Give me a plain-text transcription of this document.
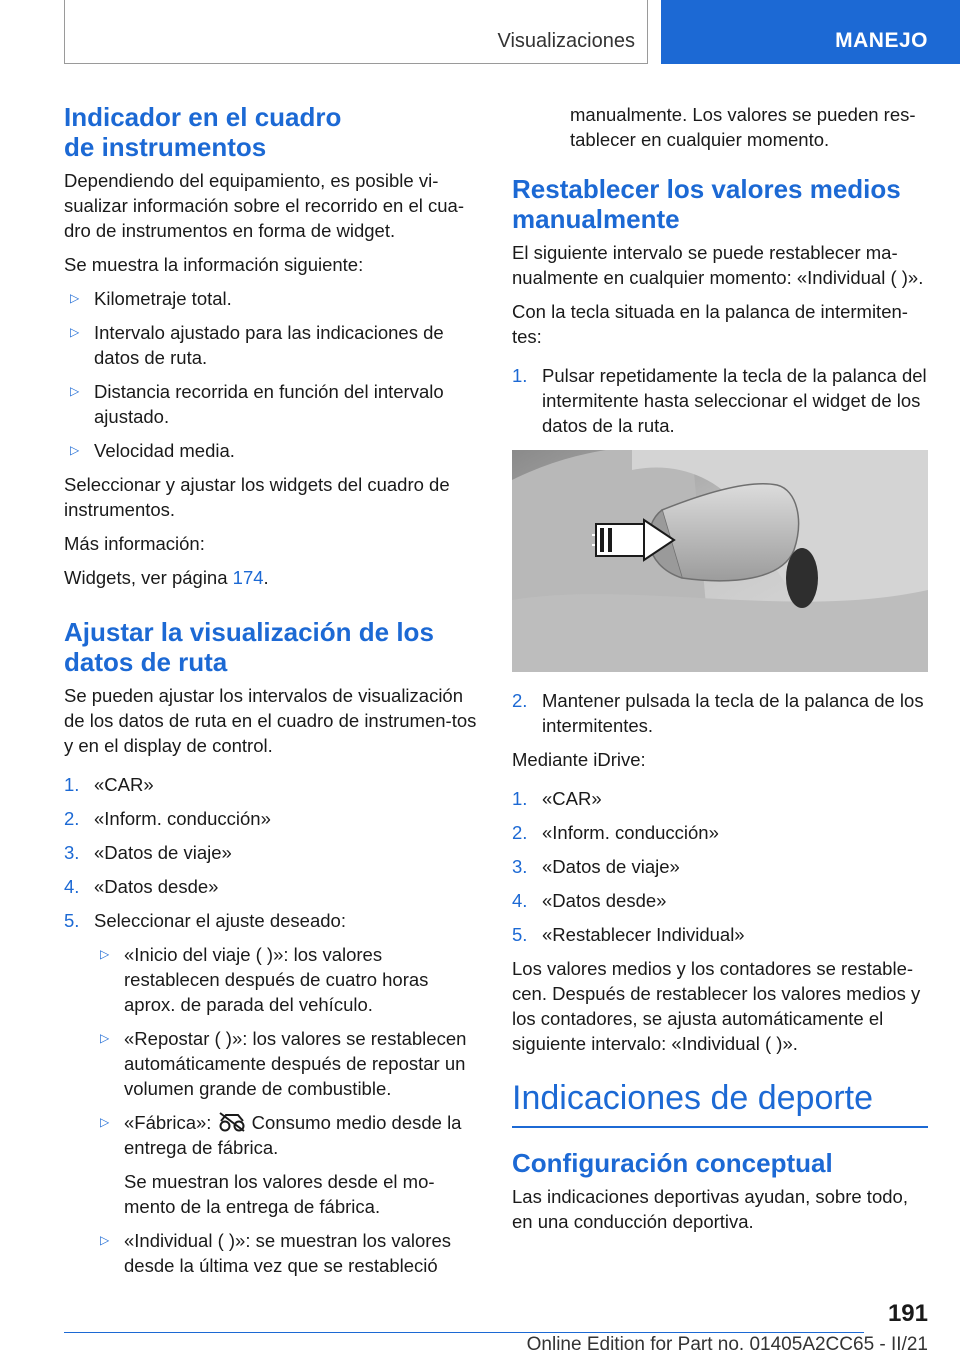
Visualizaciones	MANEJO
Indicador en el cuadro
de instrumentos

Dependiendo del equipamiento, es posible vi-sualizar información sobre el recorrido en el cua-dro de instrumentos en forma de widget.

Se muestra la información siguiente:

▷ Kilometraje total.
▷ Intervalo ajustado para las indicaciones de datos de ruta.
▷ Distancia recorrida en función del intervalo ajustado.
▷ Velocidad media.

Seleccionar y ajustar los widgets del cuadro de instrumentos.

Más información:

Widgets, ver página 174.

Ajustar la visualización de los datos de ruta

Se pueden ajustar los intervalos de visualización de los datos de ruta en el cuadro de instrumen-tos y en el display de control.

1. «CAR»
2. «Inform. conducción»
3. «Datos de viaje»
4. «Datos desde»
5. Seleccionar el ajuste deseado:
▷ «Inicio del viaje ( )»: los valores restablecen después de cuatro horas aprox. de parada del vehículo.
▷ «Repostar ( )»: los valores se restablecen automáticamente después de repostar un volumen grande de combustible.
▷ «Fábrica»:  Consumo medio desde la entrega de fábrica.

Se muestran los valores desde el mo-mento de la entrega de fábrica.

▷ «Individual ( )»: se muestran los valores desde la última vez que se restableció

manualmente. Los valores se pueden res-tablecer en cualquier momento.

Restablecer los valores medios manualmente

El siguiente intervalo se puede restablecer ma-nualmente en cualquier momento: «Individual ( )».

Con la tecla situada en la palanca de intermiten-tes:

1. Pulsar repetidamente la tecla de la palanca del intermitente hasta seleccionar el widget de los datos de la ruta.
2. Mantener pulsada la tecla de la palanca de los intermitentes.

Mediante iDrive:

1. «CAR»
2. «Inform. conducción»
3. «Datos de viaje»
4. «Datos desde»
5. «Restablecer Individual»

Los valores medios y los contadores se restable-cen. Después de restablecer los valores medios y los contadores, se ajusta automáticamente el siguiente intervalo: «Individual ( )».

Indicaciones de deporte
Configuración conceptual

Las indicaciones deportivas ayudan, sobre todo, en una conducción deportiva.

191
Online Edition for Part no. 01405A2CC65 - II/21
